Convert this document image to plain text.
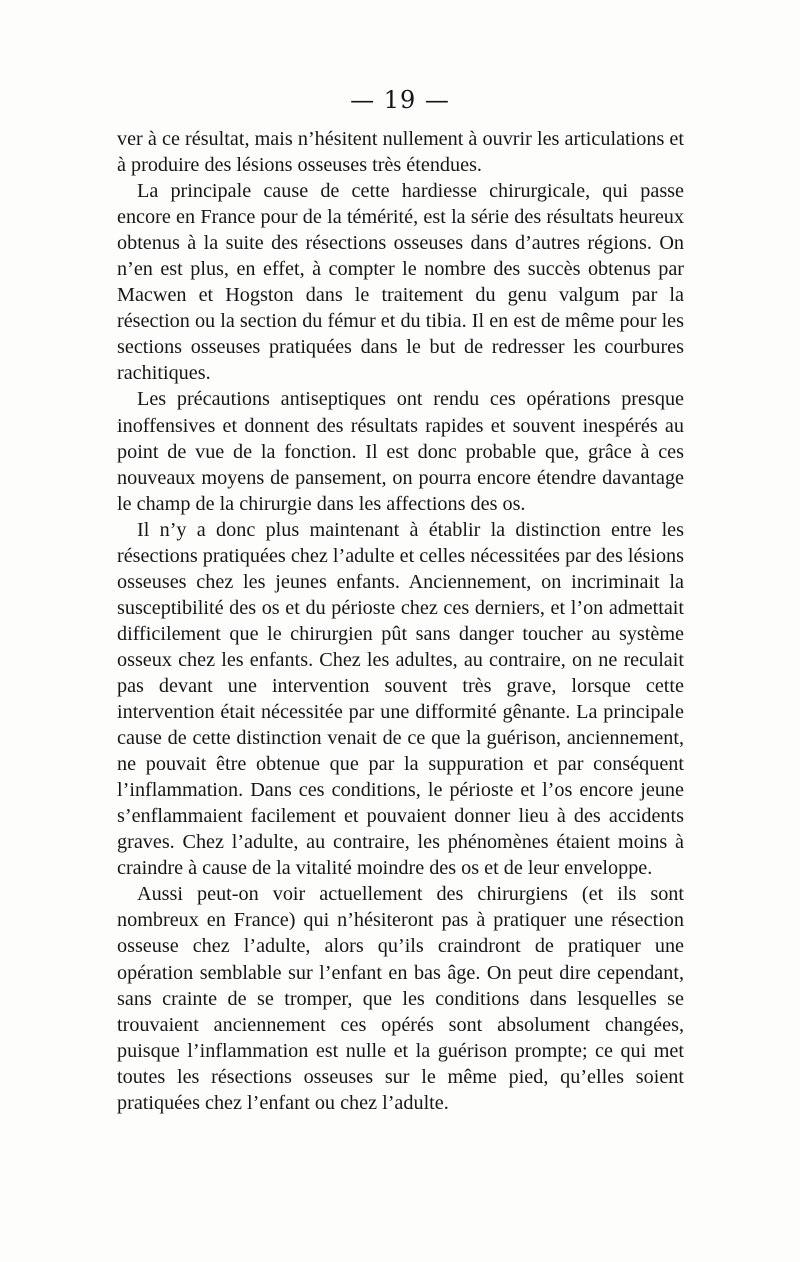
— 19 —

ver à ce résultat, mais n’hésitent nullement à ouvrir les articulations et à produire des lésions osseuses très étendues.

La principale cause de cette hardiesse chirurgicale, qui passe encore en France pour de la témérité, est la série des résultats heureux obtenus à la suite des résections osseuses dans d’autres régions. On n’en est plus, en effet, à compter le nombre des succès obtenus par Macwen et Hogston dans le traitement du genu valgum par la résection ou la section du fémur et du tibia. Il en est de même pour les sections osseuses pratiquées dans le but de redresser les courbures rachitiques.

Les précautions antiseptiques ont rendu ces opérations presque inoffensives et donnent des résultats rapides et souvent inespérés au point de vue de la fonction. Il est donc probable que, grâce à ces nouveaux moyens de pansement, on pourra encore étendre davantage le champ de la chirurgie dans les affections des os.

Il n’y a donc plus maintenant à établir la distinction entre les résections pratiquées chez l’adulte et celles nécessitées par des lésions osseuses chez les jeunes enfants. Anciennement, on incriminait la susceptibilité des os et du périoste chez ces derniers, et l’on admettait difficilement que le chirurgien pût sans danger toucher au système osseux chez les enfants. Chez les adultes, au contraire, on ne reculait pas devant une intervention souvent très grave, lorsque cette intervention était nécessitée par une difformité gênante. La principale cause de cette distinction venait de ce que la guérison, anciennement, ne pouvait être obtenue que par la suppuration et par conséquent l’inflammation. Dans ces conditions, le périoste et l’os encore jeune s’enflammaient facilement et pouvaient donner lieu à des accidents graves. Chez l’adulte, au contraire, les phénomènes étaient moins à craindre à cause de la vitalité moindre des os et de leur enveloppe.

Aussi peut-on voir actuellement des chirurgiens (et ils sont nombreux en France) qui n’hésiteront pas à pratiquer une résection osseuse chez l’adulte, alors qu’ils craindront de pratiquer une opération semblable sur l’enfant en bas âge. On peut dire cependant, sans crainte de se tromper, que les conditions dans lesquelles se trouvaient anciennement ces opérés sont absolument changées, puisque l’inflammation est nulle et la guérison prompte; ce qui met toutes les résections osseuses sur le même pied, qu’elles soient pratiquées chez l’enfant ou chez l’adulte.
